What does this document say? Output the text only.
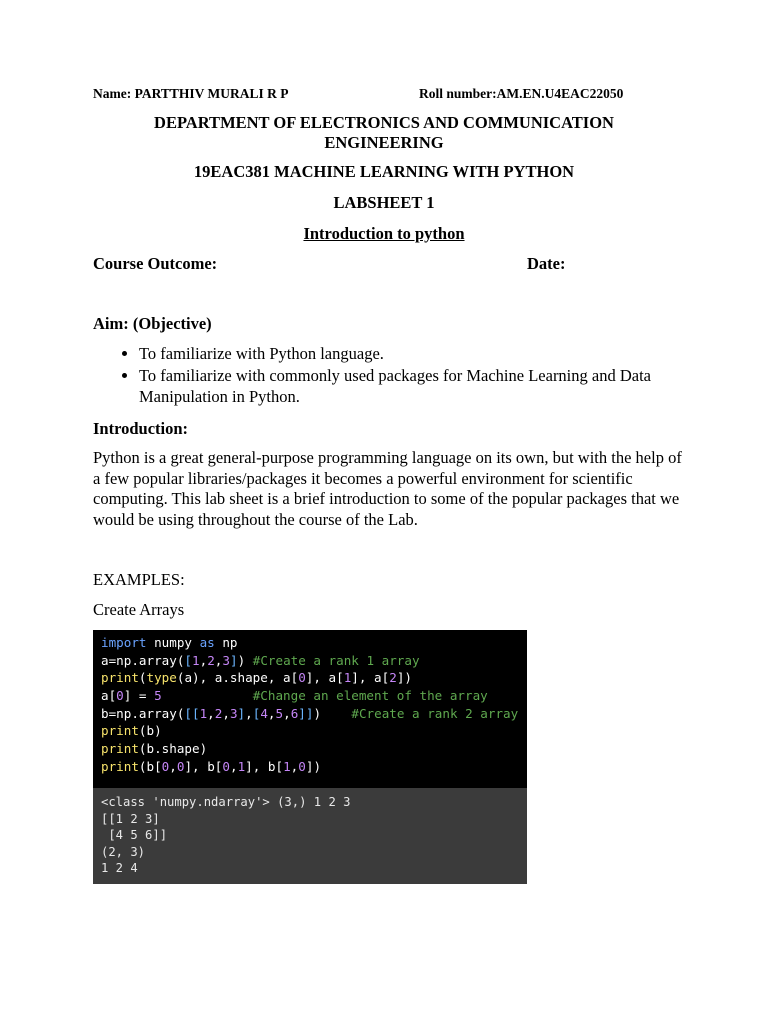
Name: PARTTHIV MURALI R P	Roll number:AM.EN.U4EAC22050
DEPARTMENT OF ELECTRONICS AND COMMUNICATION ENGINEERING
19EAC381 MACHINE LEARNING WITH PYTHON
LABSHEET 1
Introduction to python
Course Outcome:	Date:
Aim: (Objective)
• To familiarize with Python language.
• To familiarize with commonly used packages for Machine Learning and Data Manipulation in Python.
Introduction:

Python is a great general-purpose programming language on its own, but with the help of a few popular libraries/packages it becomes a powerful environment for scientific computing. This lab sheet is a brief introduction to some of the popular packages that we would be using throughout the course of the Lab.

EXAMPLES:
Create Arrays
import numpy as np
a=np.array([1,2,3]) #Create a rank 1 array
print(type(a), a.shape, a[0], a[1], a[2])
a[0] = 5	#Change an element of the array
b=np.array([[1,2,3],[4,5,6]])    #Create a rank 2 array
print(b)
print(b.shape)
print(b[0,0], b[0,1], b[1,0])
<class 'numpy.ndarray'> (3,) 1 2 3
[[1 2 3]
[4 5 6]]
(2, 3)
1 2 4
